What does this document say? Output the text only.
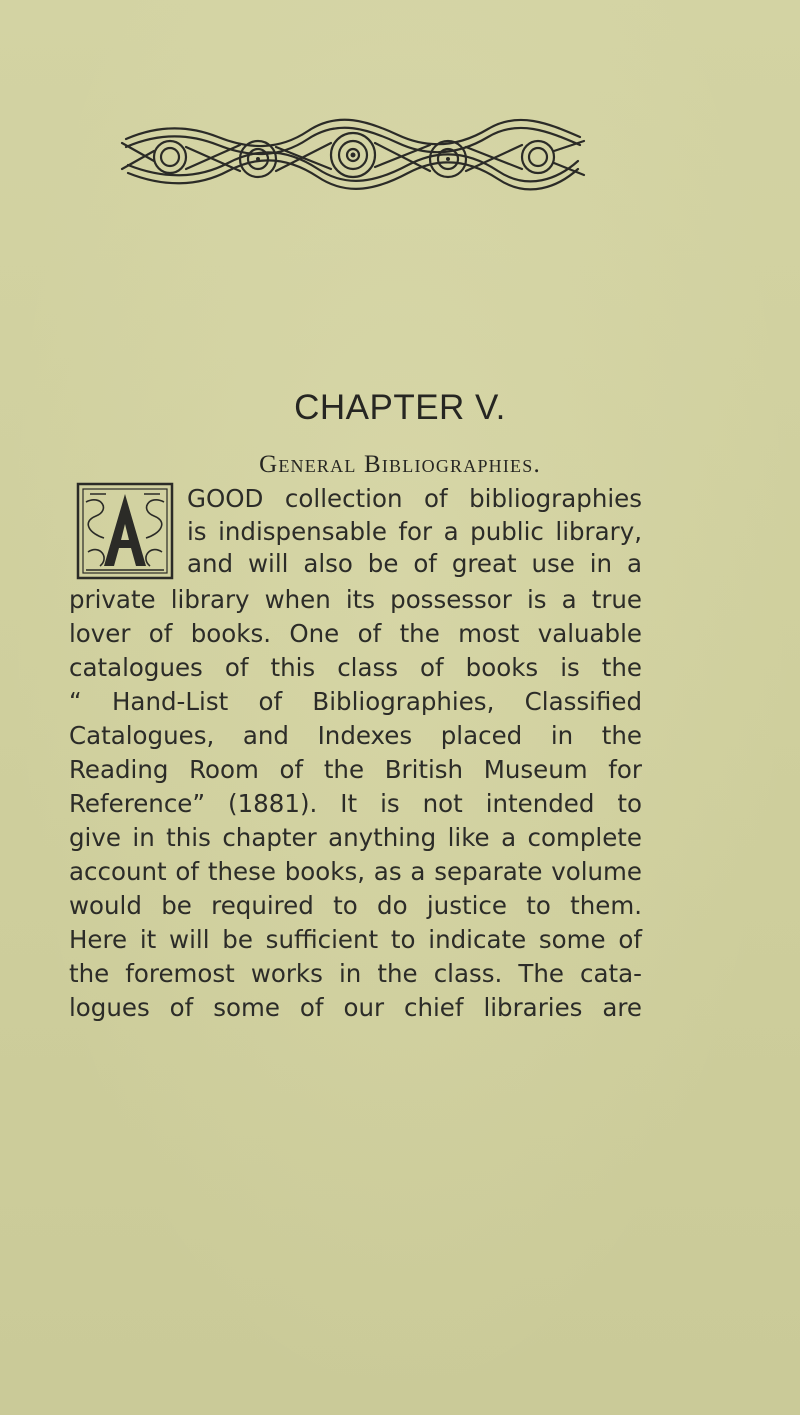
CHAPTER V.
General Bibliographies.
GOOD collection of bibliographies
is indispensable for a public library,
and will also be of great use in a
private library when its possessor is a true
lover of books. One of the most valuable
catalogues of this class of books is the
“ Hand-List of Bibliographies, Classified
Catalogues, and Indexes placed in the
Reading Room of the British Museum for
Reference” (1881). It is not intended to
give in this chapter anything like a complete
account of these books, as a separate volume
would be required to do justice to them.
Here it will be sufficient to indicate some of
the foremost works in the class. The cata-
logues of some of our chief libraries are
